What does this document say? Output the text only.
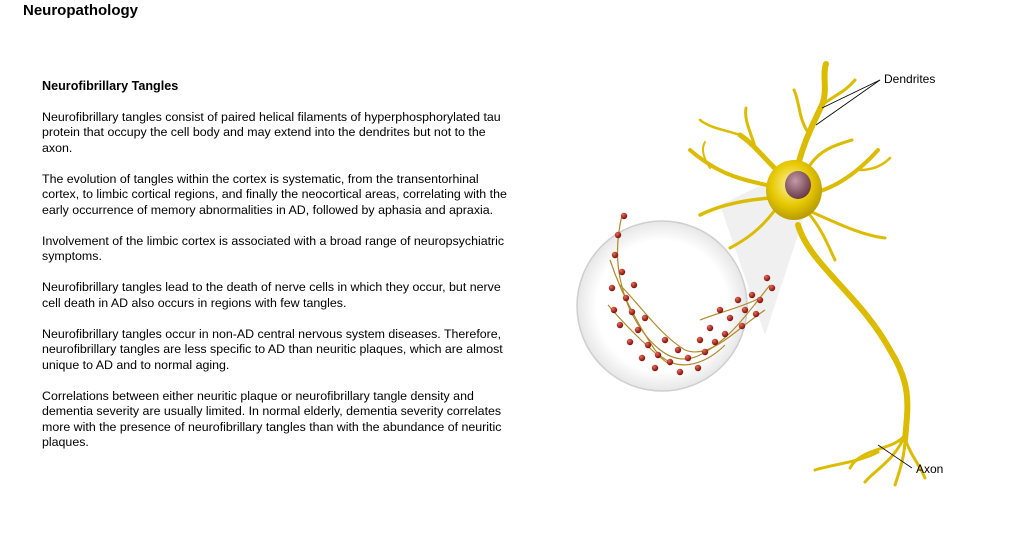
Neuropathology
Neurofibrillary Tangles

Neurofibrillary tangles consist of paired helical filaments of hyperphosphorylated tau protein that occupy the cell body and may extend into the dendrites but not to the axon.

The evolution of tangles within the cortex is systematic, from the transentorhinal cortex, to limbic cortical regions, and finally the neocortical areas, correlating with the early occurrence of memory abnormalities in AD, followed by aphasia and apraxia.

Involvement of the limbic cortex is associated with a broad range of neuropsychiatric symptoms.

Neurofibrillary tangles lead to the death of nerve cells in which they occur, but nerve cell death in AD also occurs in regions with few tangles.

Neurofibrillary tangles occur in non-AD central nervous system diseases. Therefore, neurofibrillary tangles are less specific to AD than neuritic plaques, which are almost unique to AD and to normal aging.

Correlations between either neuritic plaque or neurofibrillary tangle density and dementia severity are usually limited. In normal elderly, dementia severity correlates more with the presence of neurofibrillary tangles than with the abundance of neuritic plaques.

Dendrites
Axon
